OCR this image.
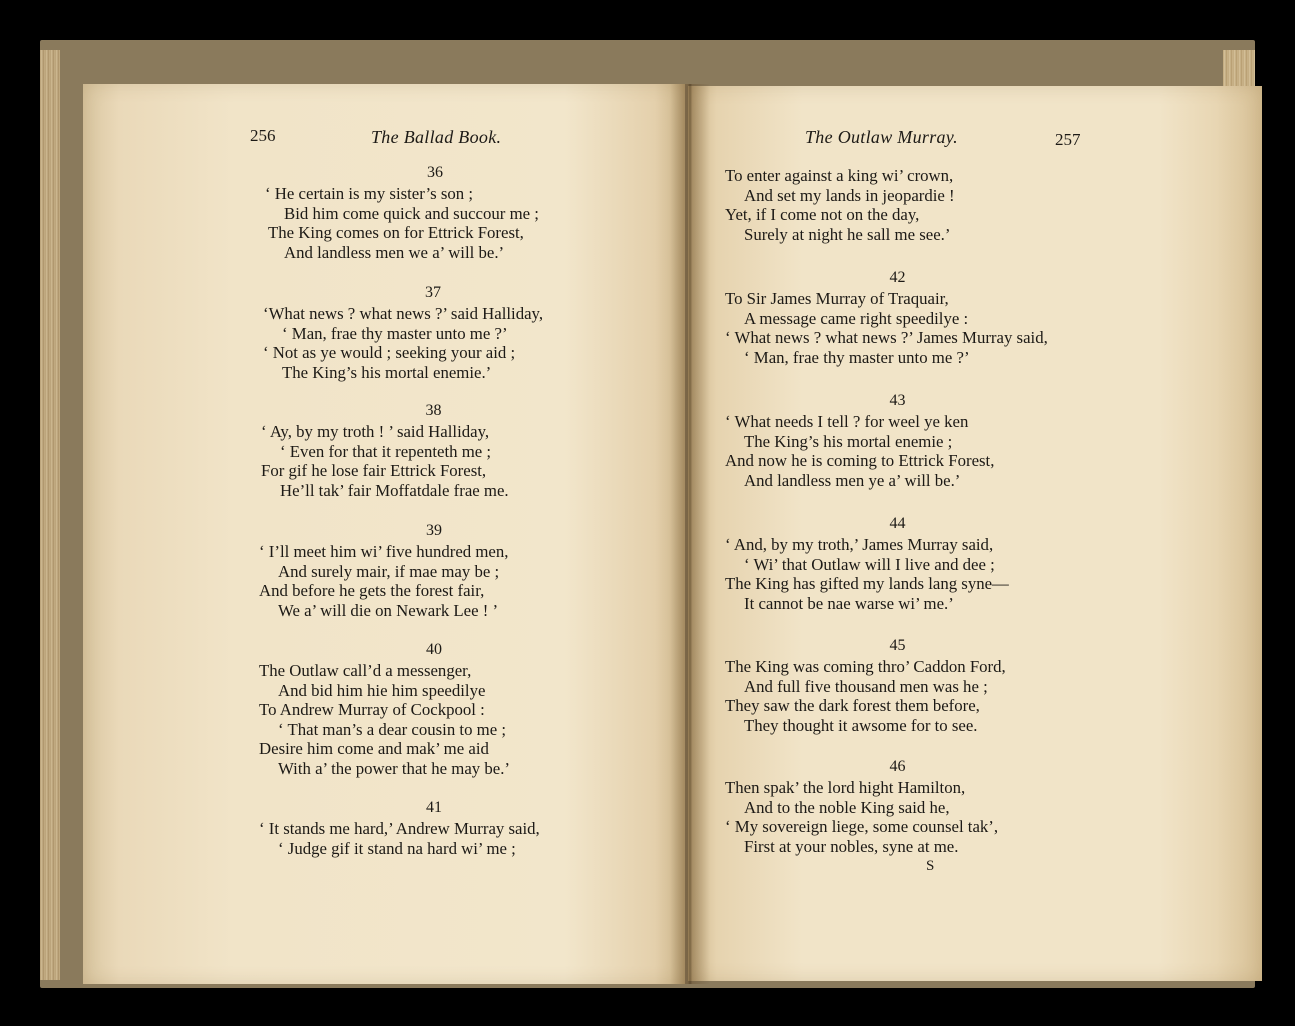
256	The Ballad Book.
36
‘ He certain is my sister’s son ;
Bid him come quick and succour me ;
The King comes on for Ettrick Forest,
And landless men we a’ will be.’
37
‘What news ? what news ?’ said Halliday,
‘ Man, frae thy master unto me ?’
‘ Not as ye would ; seeking your aid ;
The King’s his mortal enemie.’
38
‘ Ay, by my troth ! ’ said Halliday,
‘ Even for that it repenteth me ;
For gif he lose fair Ettrick Forest,
He’ll tak’ fair Moffatdale frae me.
39
‘ I’ll meet him wi’ five hundred men,
And surely mair, if mae may be ;
And before he gets the forest fair,
We a’ will die on Newark Lee ! ’
40
The Outlaw call’d a messenger,
And bid him hie him speedilye
To Andrew Murray of Cockpool :
‘ That man’s a dear cousin to me ;
Desire him come and mak’ me aid
With a’ the power that he may be.’
41
‘ It stands me hard,’ Andrew Murray said,
‘ Judge gif it stand na hard wi’ me ;
The Outlaw Murray.	257
To enter against a king wi’ crown,
And set my lands in jeopardie !
Yet, if I come not on the day,
Surely at night he sall me see.’
42
To Sir James Murray of Traquair,
A message came right speedilye :
‘ What news ? what news ?’ James Murray said,
‘ Man, frae thy master unto me ?’
43
‘ What needs I tell ? for weel ye ken
The King’s his mortal enemie ;
And now he is coming to Ettrick Forest,
And landless men ye a’ will be.’
44
‘ And, by my troth,’ James Murray said,
‘ Wi’ that Outlaw will I live and dee ;
The King has gifted my lands lang syne—
It cannot be nae warse wi’ me.’
45
The King was coming thro’ Caddon Ford,
And full five thousand men was he ;
They saw the dark forest them before,
They thought it awsome for to see.
46
Then spak’ the lord hight Hamilton,
And to the noble King said he,
‘ My sovereign liege, some counsel tak’,
First at your nobles, syne at me.
S
